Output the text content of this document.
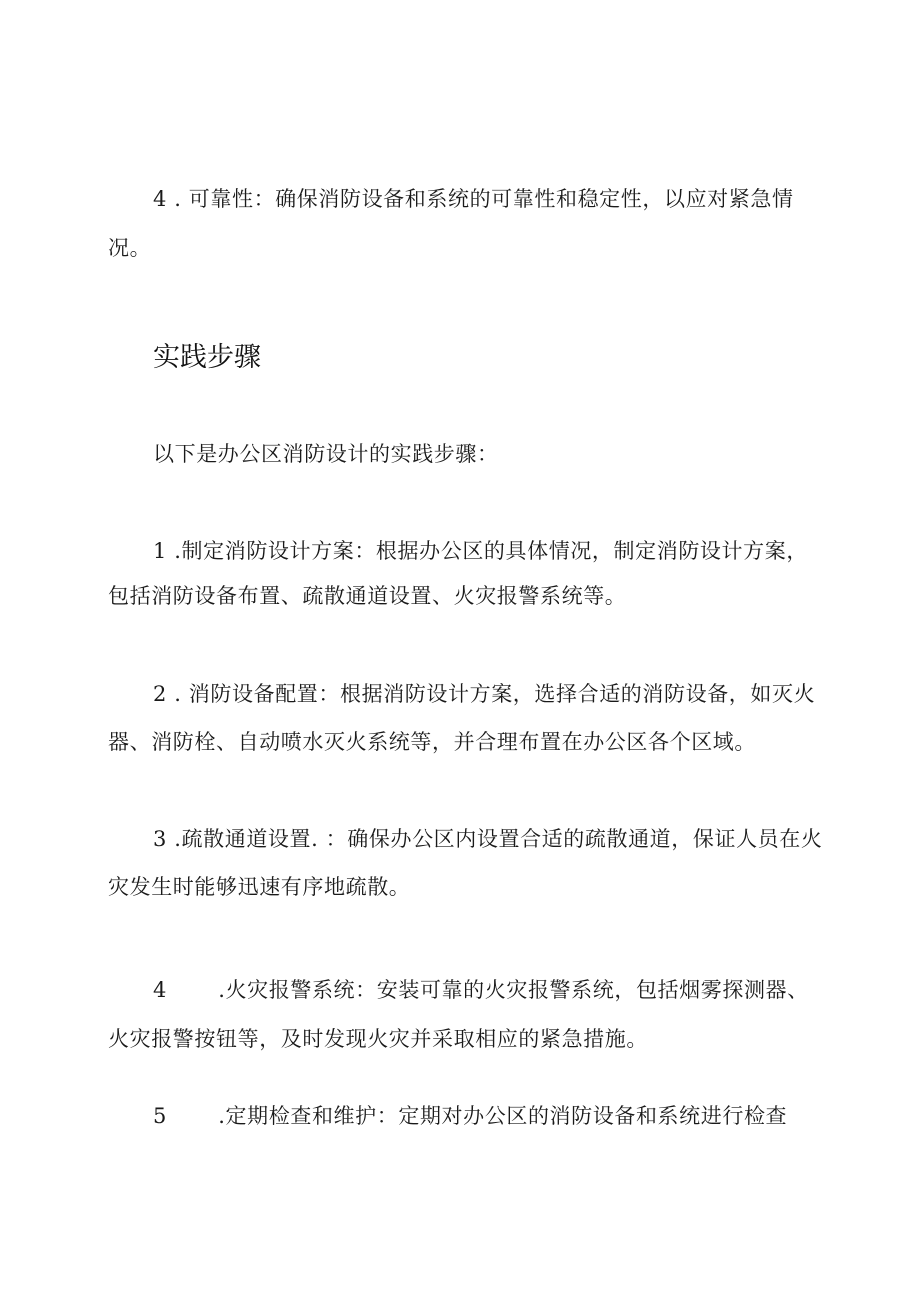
4 . 可靠性：确保消防设备和系统的可靠性和稳定性，以应对紧急情
况。
实践步骤
以下是办公区消防设计的实践步骤：
1 .制定消防设计方案：根据办公区的具体情况，制定消防设计方案，
包括消防设备布置、疏散通道设置、火灾报警系统等。
2 . 消防设备配置：根据消防设计方案，选择合适的消防设备，如灭火
器、消防栓、自动喷水灭火系统等，并合理布置在办公区各个区域。
3 .疏散通道设置. ：确保办公区内设置合适的疏散通道，保证人员在火
灾发生时能够迅速有序地疏散。
4 .火灾报警系统：安装可靠的火灾报警系统，包括烟雾探测器、
火灾报警按钮等，及时发现火灾并采取相应的紧急措施。
5 .定期检查和维护：定期对办公区的消防设备和系统进行检查
